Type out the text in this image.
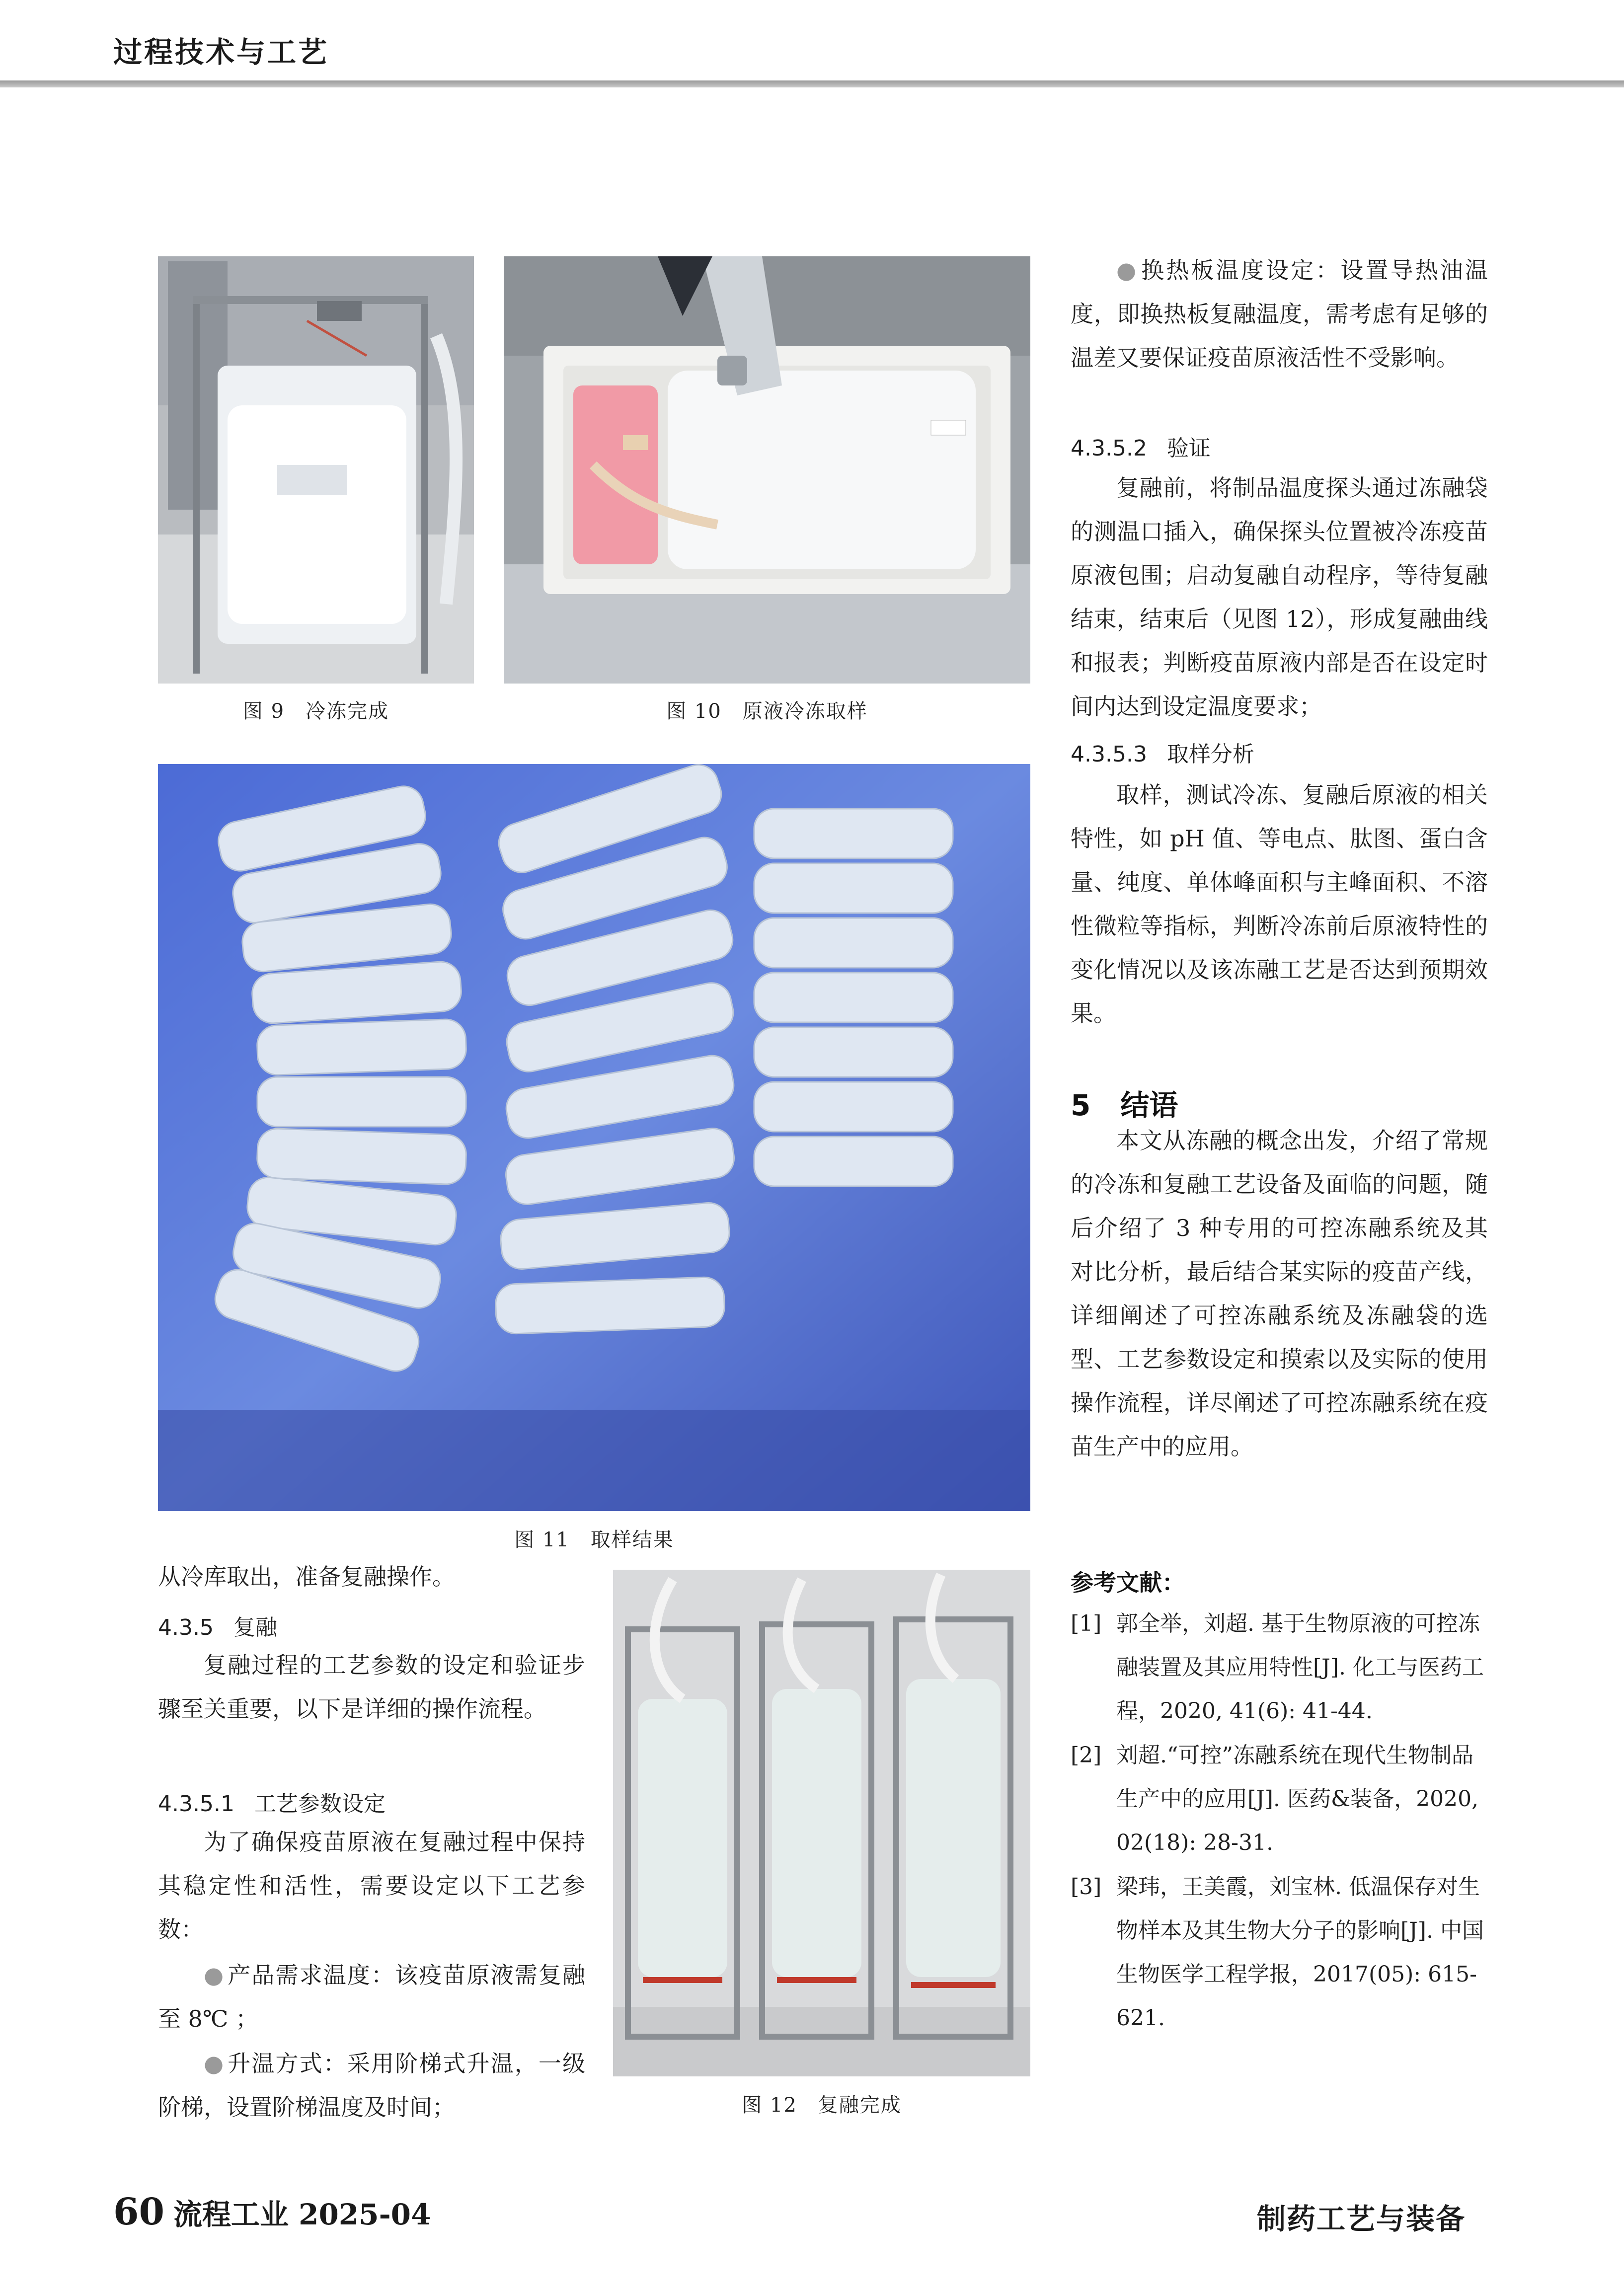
过程技术与工艺
图 9　冷冻完成	图 10　原液冷冻取样
图 11　取样结果
图 12　复融完成

从冷库取出，准备复融操作。

4.3.5 复融

复融过程的工艺参数的设定和验证步骤至关重要，以下是详细的操作流程。

4.3.5.1 工艺参数设定

为了确保疫苗原液在复融过程中保持其稳定性和活性，需要设定以下工艺参数：

● 产品需求温度：该疫苗原液需复融至 8℃ ；

● 升温方式：采用阶梯式升温，一级阶梯，设置阶梯温度及时间；

● 换热板温度设定：设置导热油温度，即换热板复融温度，需考虑有足够的温差又要保证疫苗原液活性不受影响。

4.3.5.2 验证

复融前，将制品温度探头通过冻融袋的测温口插入，确保探头位置被冷冻疫苗原液包围；启动复融自动程序，等待复融结束，结束后（见图 12），形成复融曲线和报表；判断疫苗原液内部是否在设定时间内达到设定温度要求；

4.3.5.3 取样分析

取样，测试冷冻、复融后原液的相关特性，如 pH 值、等电点、肽图、蛋白含量、纯度、单体峰面积与主峰面积、不溶性微粒等指标，判断冷冻前后原液特性的变化情况以及该冻融工艺是否达到预期效果。

5 结语

本文从冻融的概念出发，介绍了常规的冷冻和复融工艺设备及面临的问题，随后介绍了 3 种专用的可控冻融系统及其对比分析，最后结合某实际的疫苗产线，详细阐述了可控冻融系统及冻融袋的选型、工艺参数设定和摸索以及实际的使用操作流程，详尽阐述了可控冻融系统在疫苗生产中的应用。

参考文献：
[1] 郭全举，刘超. 基于生物原液的可控冻融装置及其应用特性[J]. 化工与医药工程，2020, 41(6): 41-44.
[2] 刘超.“可控”冻融系统在现代生物制品生产中的应用[J]. 医药&装备，2020, 02(18): 28-31.
[3] 梁玮，王美霞，刘宝林. 低温保存对生物样本及其生物大分子的影响[J]. 中国生物医学工程学报，2017(05): 615-621.
60 流程工业 2025-04	制药工艺与装备
